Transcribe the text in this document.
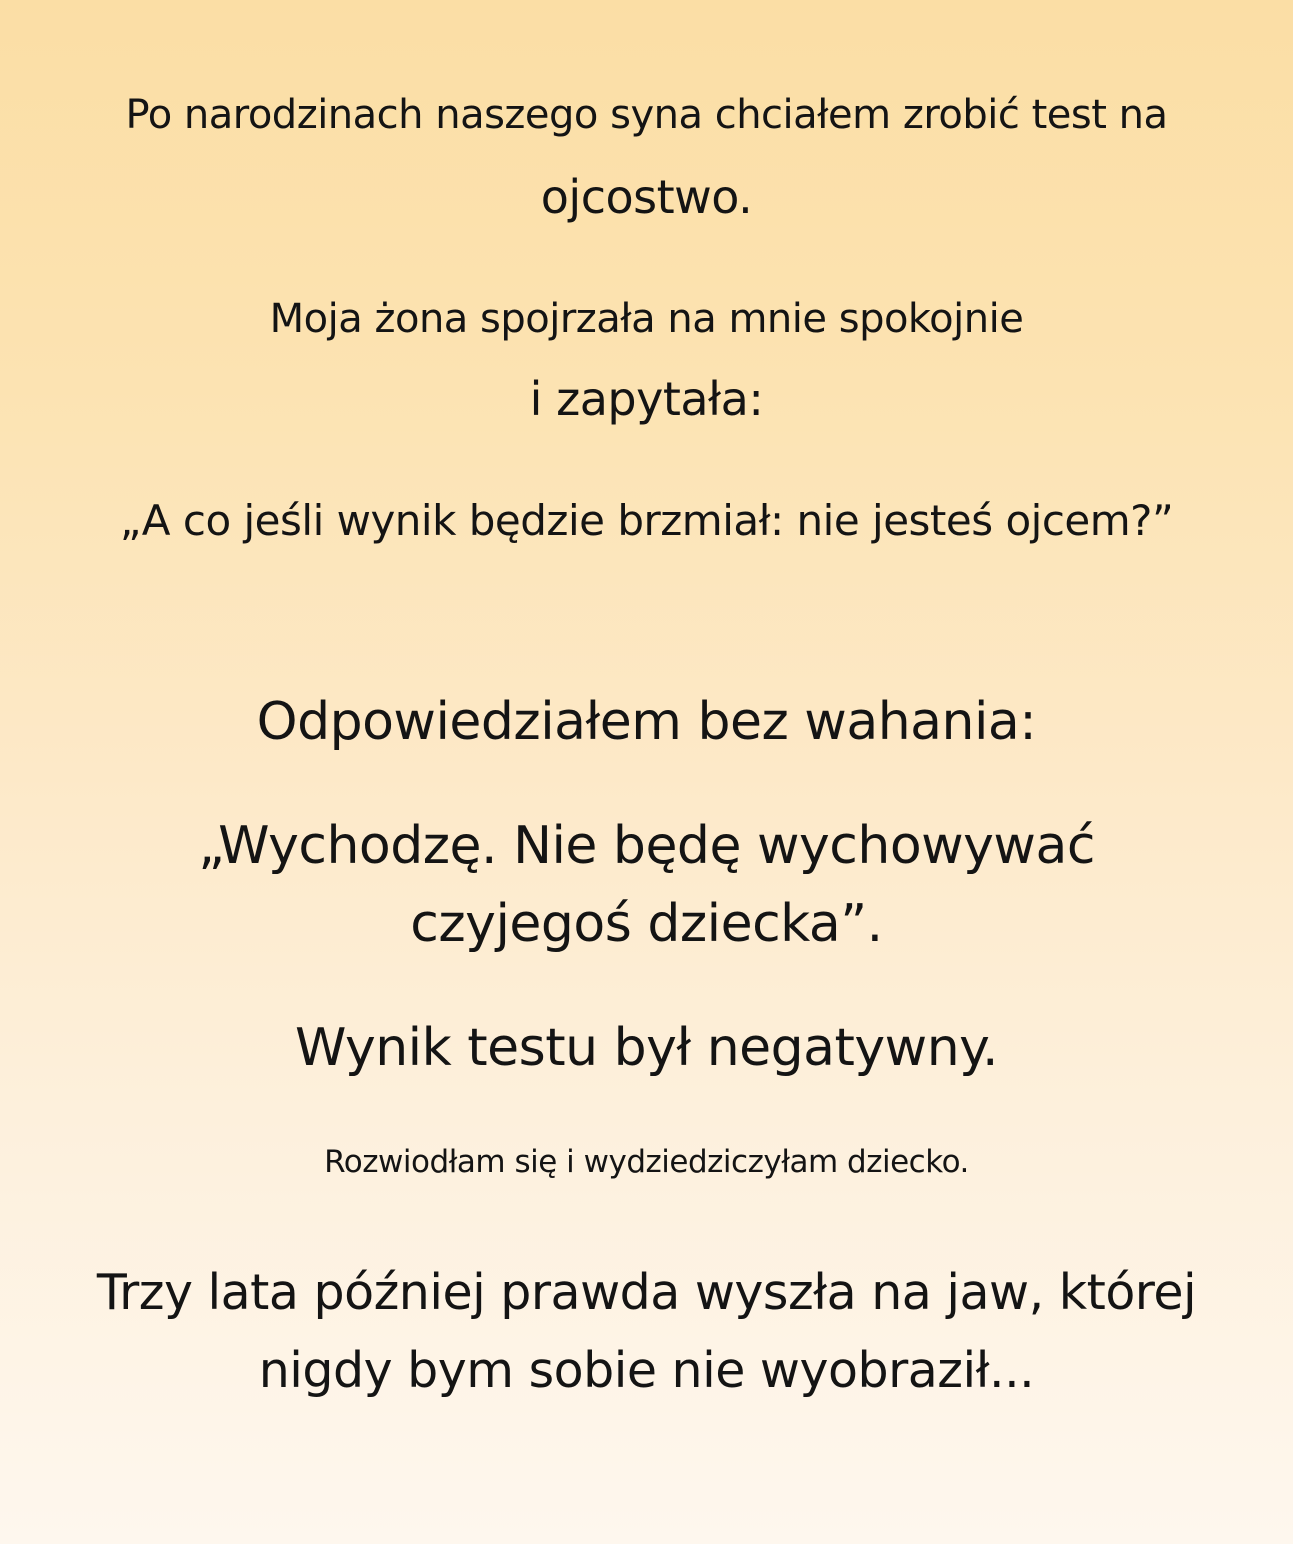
Po narodzinach naszego syna chciałem zrobić test na
ojcostwo.
Moja żona spojrzała na mnie spokojnie
i zapytała:
„A co jeśli wynik będzie brzmiał: nie jesteś ojcem?”
Odpowiedziałem bez wahania:
„Wychodzę. Nie będę wychowywać
czyjegoś dziecka”.
Wynik testu był negatywny.
Rozwiodłam się i wydziedziczyłam dziecko.
Trzy lata później prawda wyszła na jaw, której
nigdy bym sobie nie wyobraził...
